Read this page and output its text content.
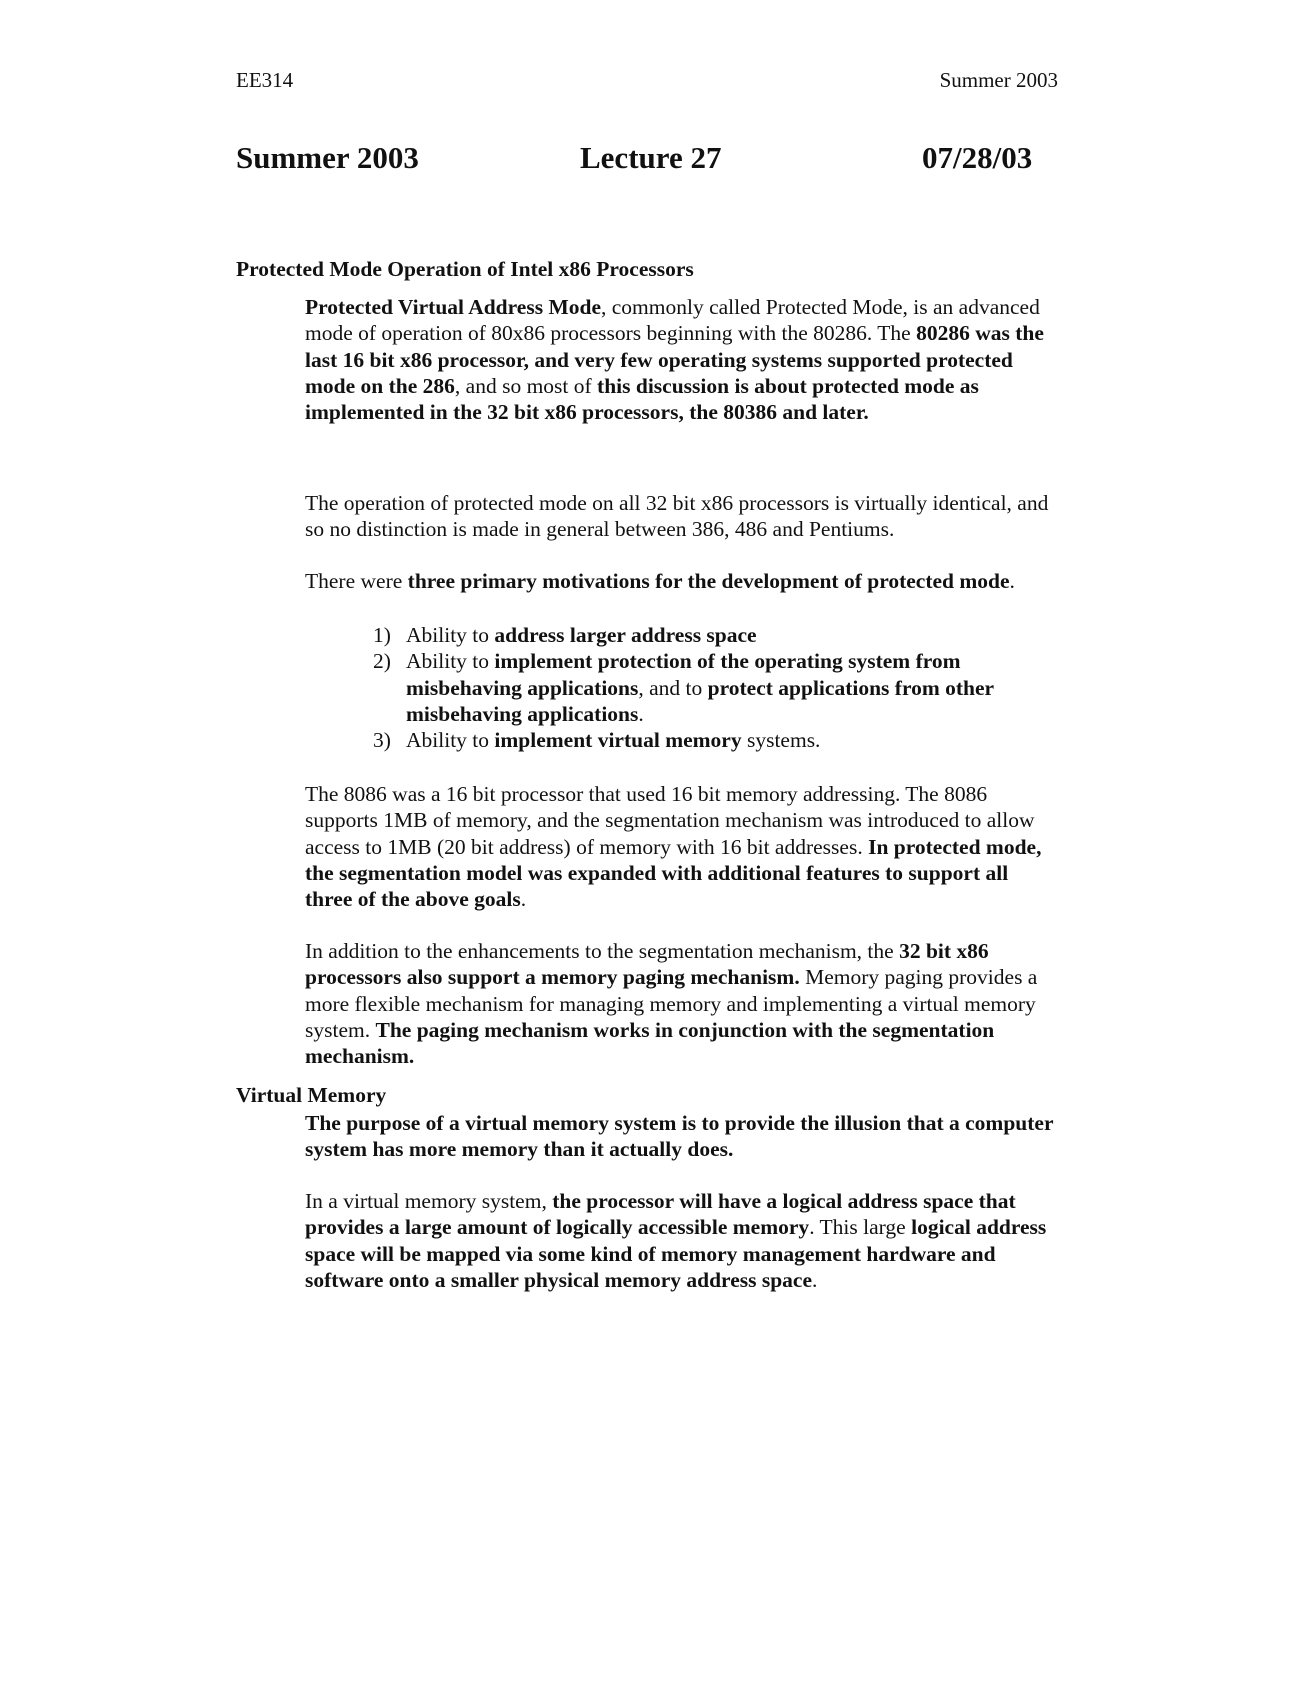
EE314	Summer 2003
Summer 2003	Lecture 27	07/28/03
Protected Mode Operation of Intel x86 Processors

Protected Virtual Address Mode, commonly called Protected Mode, is an advanced mode of operation of 80x86 processors beginning with the 80286. The 80286 was the last 16 bit x86 processor, and very few operating systems supported protected mode on the 286, and so most of this discussion is about protected mode as implemented in the 32 bit x86 processors, the 80386 and later.

The operation of protected mode on all 32 bit x86 processors is virtually identical, and so no distinction is made in general between 386, 486 and Pentiums.

There were three primary motivations for the development of protected mode.

1) Ability to address larger address space
2) Ability to implement protection of the operating system from misbehaving applications, and to protect applications from other misbehaving applications.
3) Ability to implement virtual memory systems.

The 8086 was a 16 bit processor that used 16 bit memory addressing. The 8086 supports 1MB of memory, and the segmentation mechanism was introduced to allow access to 1MB (20 bit address) of memory with 16 bit addresses. In protected mode, the segmentation model was expanded with additional features to support all three of the above goals.

In addition to the enhancements to the segmentation mechanism, the 32 bit x86 processors also support a memory paging mechanism. Memory paging provides a more flexible mechanism for managing memory and implementing a virtual memory system. The paging mechanism works in conjunction with the segmentation mechanism.

Virtual Memory

The purpose of a virtual memory system is to provide the illusion that a computer system has more memory than it actually does.

In a virtual memory system, the processor will have a logical address space that provides a large amount of logically accessible memory. This large logical address space will be mapped via some kind of memory management hardware and software onto a smaller physical memory address space.
